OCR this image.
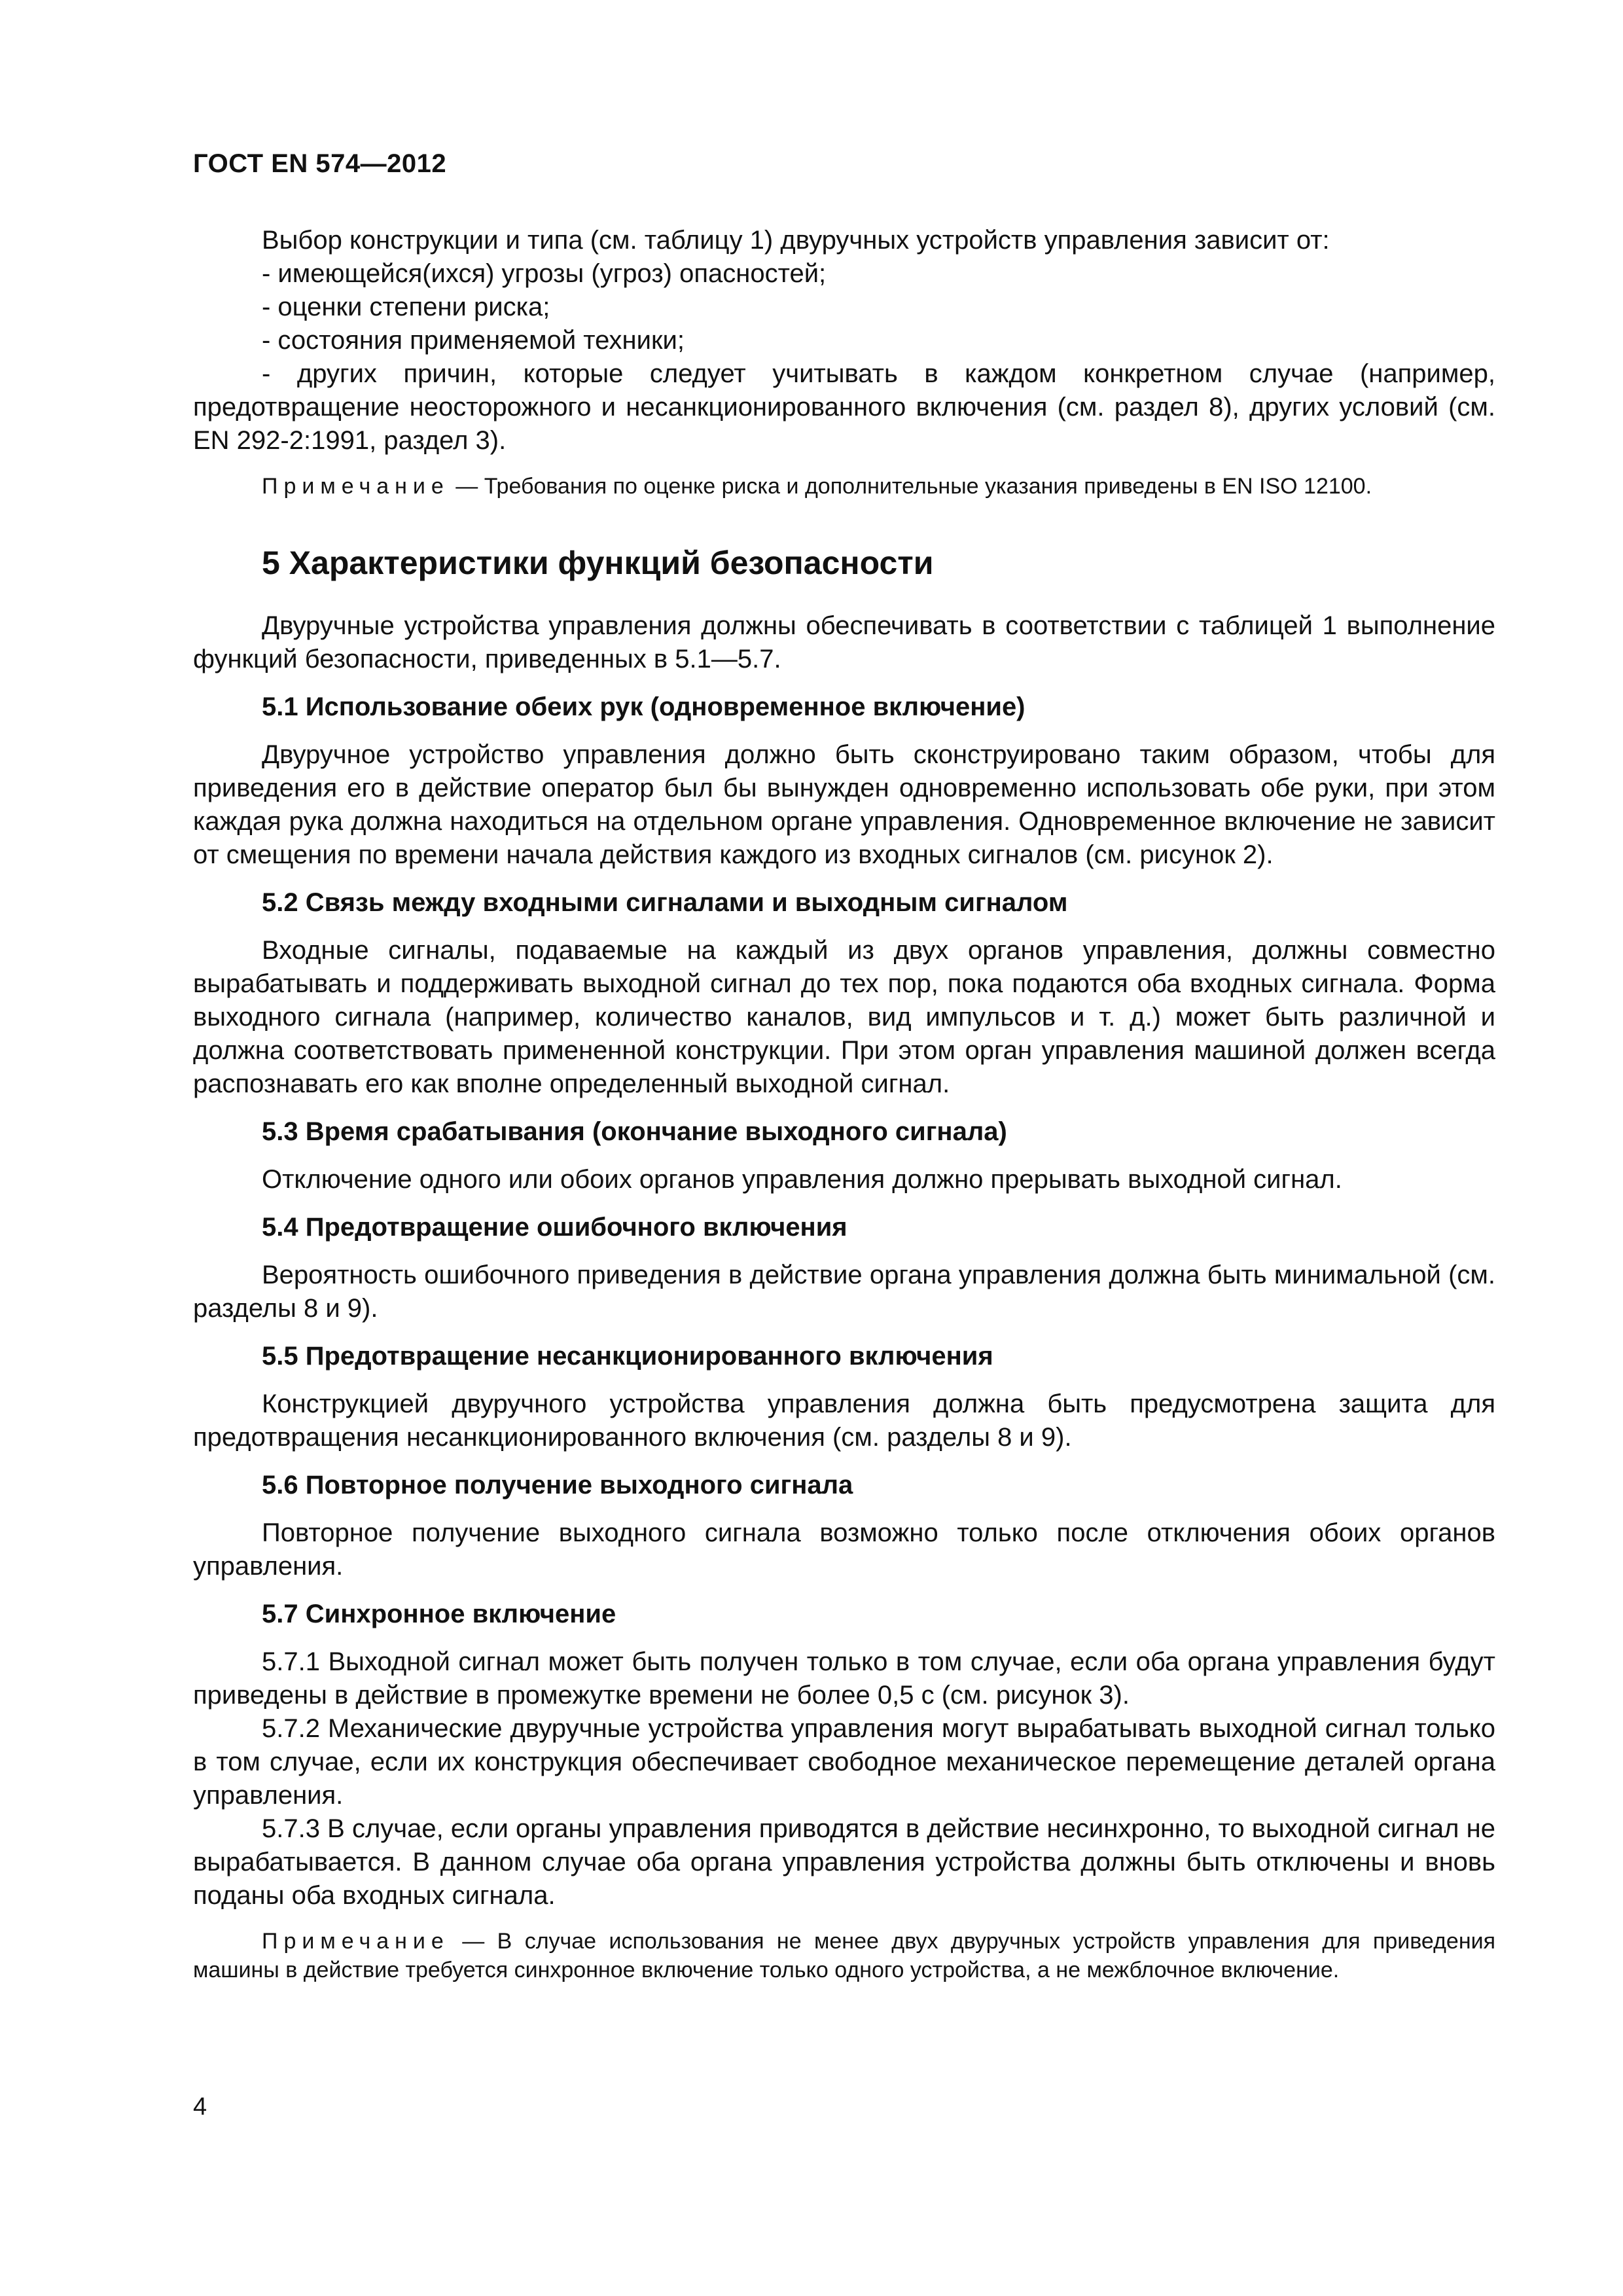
ГОСТ EN 574—2012

Выбор конструкции и типа (см. таблицу 1) двуручных устройств управления зависит от:

- имеющейся(ихся) угрозы (угроз) опасностей;

- оценки степени риска;

- состояния применяемой техники;

- других причин, которые следует учитывать в каждом конкретном случае (например, предотвращение неосторожного и несанкционированного включения (см. раздел 8), других условий (см. EN 292-2:1991, раздел 3).

Примечание — Требования по оценке риска и дополнительные указания приведены в EN ISO 12100.

5 Характеристики функций безопасности

Двуручные устройства управления должны обеспечивать в соответствии с таблицей 1 выполнение функций безопасности, приведенных в 5.1—5.7.

5.1 Использование обеих рук (одновременное включение)

Двуручное устройство управления должно быть сконструировано таким образом, чтобы для приведения его в действие оператор был бы вынужден одновременно использовать обе руки, при этом каждая рука должна находиться на отдельном органе управления. Одновременное включение не зависит от смещения по времени начала действия каждого из входных сигналов (см. рисунок 2).

5.2 Связь между входными сигналами и выходным сигналом

Входные сигналы, подаваемые на каждый из двух органов управления, должны совместно вырабатывать и поддерживать выходной сигнал до тех пор, пока подаются оба входных сигнала. Форма выходного сигнала (например, количество каналов, вид импульсов и т. д.) может быть различной и должна соответствовать примененной конструкции. При этом орган управления машиной должен всегда распознавать его как вполне определенный выходной сигнал.

5.3 Время срабатывания (окончание выходного сигнала)

Отключение одного или обоих органов управления должно прерывать выходной сигнал.

5.4 Предотвращение ошибочного включения

Вероятность ошибочного приведения в действие органа управления должна быть минимальной (см. разделы 8 и 9).

5.5 Предотвращение несанкционированного включения

Конструкцией двуручного устройства управления должна быть предусмотрена защита для предотвращения несанкционированного включения (см. разделы 8 и 9).

5.6 Повторное получение выходного сигнала

Повторное получение выходного сигнала возможно только после отключения обоих органов управления.

5.7 Синхронное включение

5.7.1 Выходной сигнал может быть получен только в том случае, если оба органа управления будут приведены в действие в промежутке времени не более 0,5 с (см. рисунок 3).

5.7.2 Механические двуручные устройства управления могут вырабатывать выходной сигнал только в том случае, если их конструкция обеспечивает свободное механическое перемещение деталей органа управления.

5.7.3 В случае, если органы управления приводятся в действие несинхронно, то выходной сигнал не вырабатывается. В данном случае оба органа управления устройства должны быть отключены и вновь поданы оба входных сигнала.

Примечание — В случае использования не менее двух двуручных устройств управления для приведения машины в действие требуется синхронное включение только одного устройства, а не межблочное включение.

4
